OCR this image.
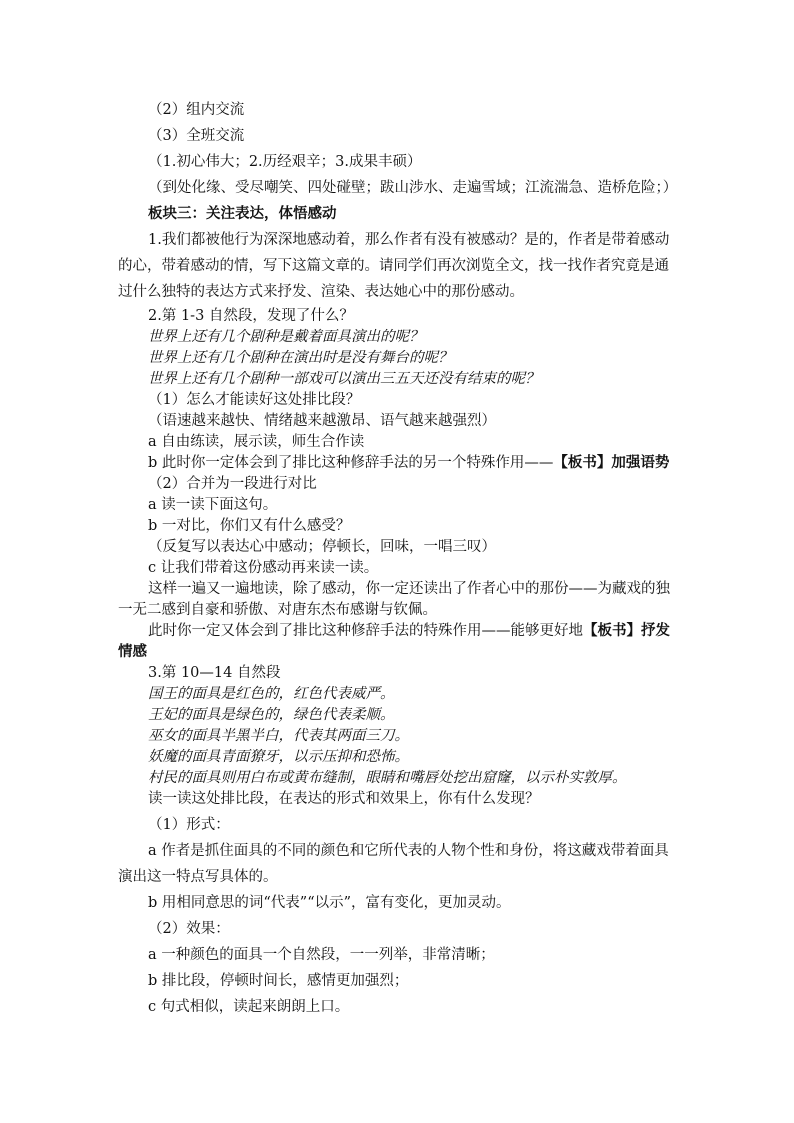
（2）组内交流
（3）全班交流
（1.初心伟大；2.历经艰辛；3.成果丰硕）
（到处化缘、受尽嘲笑、四处碰壁；跋山涉水、走遍雪域；江流湍急、造桥危险；）
板块三：关注表达，体悟感动
1.我们都被他行为深深地感动着，那么作者有没有被感动？是的，作者是带着感动
的心，带着感动的情，写下这篇文章的。请同学们再次浏览全文，找一找作者究竟是通
过什么独特的表达方式来抒发、渲染、表达她心中的那份感动。
2.第 1-3 自然段，发现了什么？
世界上还有几个剧种是戴着面具演出的呢？
世界上还有几个剧种在演出时是没有舞台的呢？
世界上还有几个剧种一部戏可以演出三五天还没有结束的呢？
（1）怎么才能读好这处排比段？
（语速越来越快、情绪越来越激昂、语气越来越强烈）
a 自由练读，展示读，师生合作读
b 此时你一定体会到了排比这种修辞手法的另一个特殊作用——【板书】加强语势
（2）合并为一段进行对比
a 读一读下面这句。
b 一对比，你们又有什么感受？
（反复写以表达心中感动；停顿长，回味，一唱三叹）
c 让我们带着这份感动再来读一读。
这样一遍又一遍地读，除了感动，你一定还读出了作者心中的那份——为藏戏的独
一无二感到自豪和骄傲、对唐东杰布感谢与钦佩。
此时你一定又体会到了排比这种修辞手法的特殊作用——能够更好地【板书】抒发
情感
3.第 10—14 自然段
国王的面具是红色的，红色代表威严。
王妃的面具是绿色的，绿色代表柔顺。
巫女的面具半黑半白，代表其两面三刀。
妖魔的面具青面獠牙，以示压抑和恐怖。
村民的面具则用白布或黄布缝制，眼睛和嘴唇处挖出窟窿，以示朴实敦厚。
读一读这处排比段，在表达的形式和效果上，你有什么发现？
（1）形式：
a 作者是抓住面具的不同的颜色和它所代表的人物个性和身份，将这藏戏带着面具
演出这一特点写具体的。
b 用相同意思的词“代表”“以示”，富有变化，更加灵动。
（2）效果：
a 一种颜色的面具一个自然段，一一列举，非常清晰；
b 排比段，停顿时间长，感情更加强烈；
c 句式相似，读起来朗朗上口。
